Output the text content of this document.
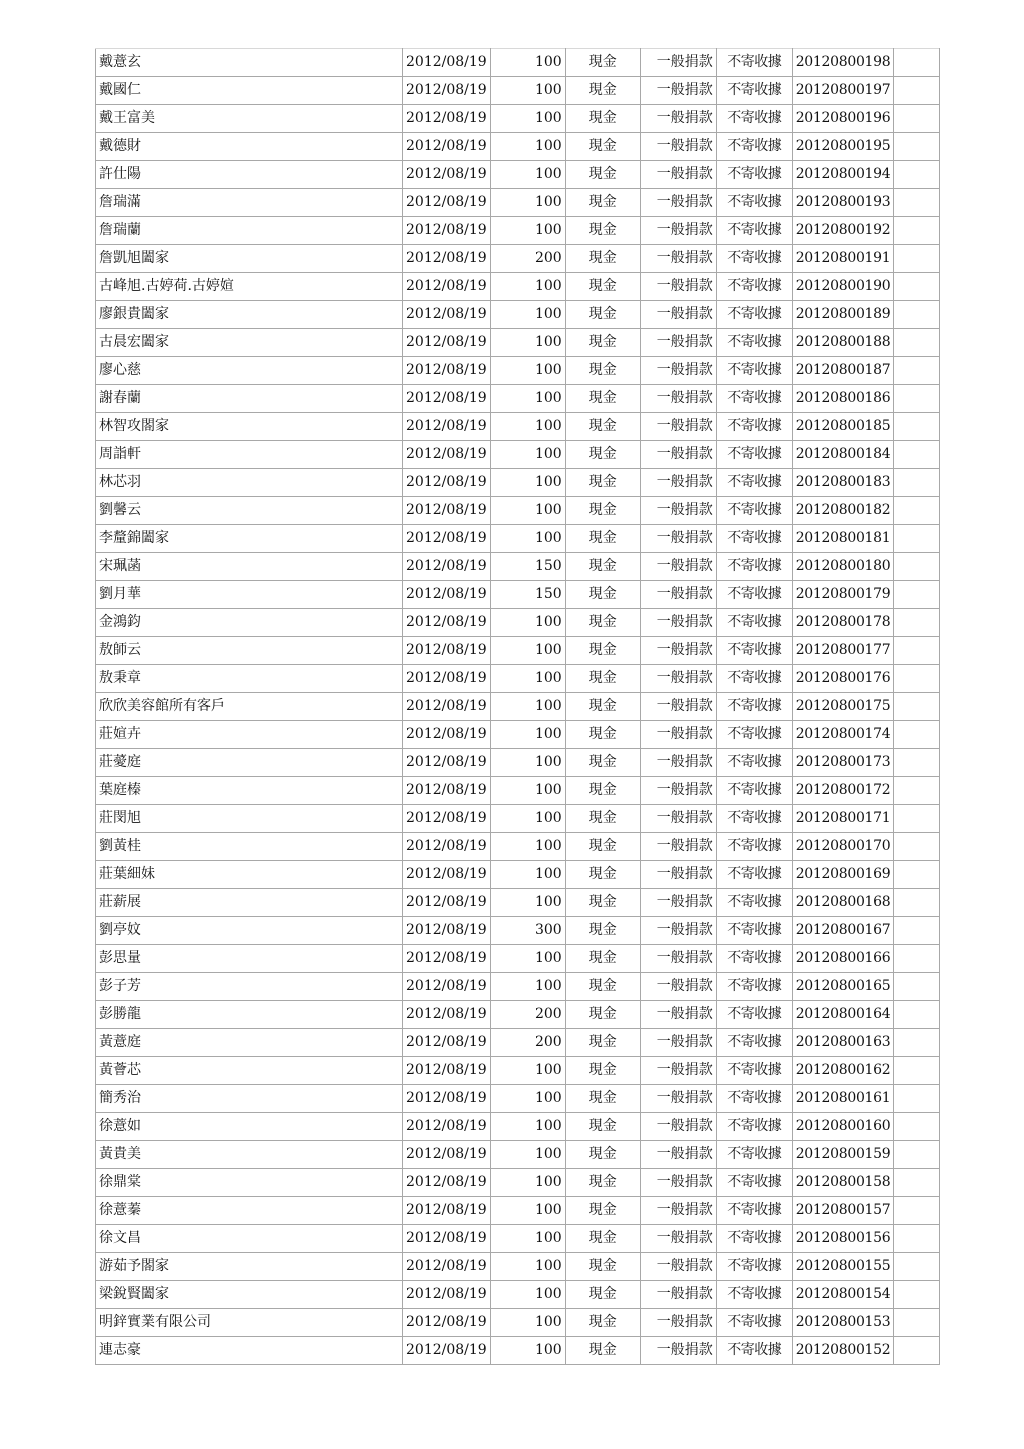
戴薏玄	2012/08/19	100	現金	一般捐款	不寄收據	20120800198	
戴國仁	2012/08/19	100	現金	一般捐款	不寄收據	20120800197	
戴王富美	2012/08/19	100	現金	一般捐款	不寄收據	20120800196	
戴德財	2012/08/19	100	現金	一般捐款	不寄收據	20120800195	
許仕陽	2012/08/19	100	現金	一般捐款	不寄收據	20120800194	
詹瑞滿	2012/08/19	100	現金	一般捐款	不寄收據	20120800193	
詹瑞蘭	2012/08/19	100	現金	一般捐款	不寄收據	20120800192	
詹凱旭闔家	2012/08/19	200	現金	一般捐款	不寄收據	20120800191	
古峰旭.古婷荷.古婷媗	2012/08/19	100	現金	一般捐款	不寄收據	20120800190	
廖銀貴闔家	2012/08/19	100	現金	一般捐款	不寄收據	20120800189	
古晨宏闔家	2012/08/19	100	現金	一般捐款	不寄收據	20120800188	
廖心慈	2012/08/19	100	現金	一般捐款	不寄收據	20120800187	
謝春蘭	2012/08/19	100	現金	一般捐款	不寄收據	20120800186	
林智攻閤家	2012/08/19	100	現金	一般捐款	不寄收據	20120800185	
周詣軒	2012/08/19	100	現金	一般捐款	不寄收據	20120800184	
林芯羽	2012/08/19	100	現金	一般捐款	不寄收據	20120800183	
劉馨云	2012/08/19	100	現金	一般捐款	不寄收據	20120800182	
李釐錦闔家	2012/08/19	100	現金	一般捐款	不寄收據	20120800181	
宋珮菡	2012/08/19	150	現金	一般捐款	不寄收據	20120800180	
劉月華	2012/08/19	150	現金	一般捐款	不寄收據	20120800179	
金鴻鈞	2012/08/19	100	現金	一般捐款	不寄收據	20120800178	
敖師云	2012/08/19	100	現金	一般捐款	不寄收據	20120800177	
敖秉章	2012/08/19	100	現金	一般捐款	不寄收據	20120800176	
欣欣美容館所有客戶	2012/08/19	100	現金	一般捐款	不寄收據	20120800175	
莊媗卉	2012/08/19	100	現金	一般捐款	不寄收據	20120800174	
莊薆庭	2012/08/19	100	現金	一般捐款	不寄收據	20120800173	
葉庭榛	2012/08/19	100	現金	一般捐款	不寄收據	20120800172	
莊閔旭	2012/08/19	100	現金	一般捐款	不寄收據	20120800171	
劉黃桂	2012/08/19	100	現金	一般捐款	不寄收據	20120800170	
莊葉細妹	2012/08/19	100	現金	一般捐款	不寄收據	20120800169	
莊薪展	2012/08/19	100	現金	一般捐款	不寄收據	20120800168	
劉亭妏	2012/08/19	300	現金	一般捐款	不寄收據	20120800167	
彭思量	2012/08/19	100	現金	一般捐款	不寄收據	20120800166	
彭子芳	2012/08/19	100	現金	一般捐款	不寄收據	20120800165	
彭勝龍	2012/08/19	200	現金	一般捐款	不寄收據	20120800164	
黃薏庭	2012/08/19	200	現金	一般捐款	不寄收據	20120800163	
黃薈芯	2012/08/19	100	現金	一般捐款	不寄收據	20120800162	
簡秀治	2012/08/19	100	現金	一般捐款	不寄收據	20120800161	
徐薏如	2012/08/19	100	現金	一般捐款	不寄收據	20120800160	
黃貴美	2012/08/19	100	現金	一般捐款	不寄收據	20120800159	
徐鼎棠	2012/08/19	100	現金	一般捐款	不寄收據	20120800158	
徐薏蓁	2012/08/19	100	現金	一般捐款	不寄收據	20120800157	
徐文昌	2012/08/19	100	現金	一般捐款	不寄收據	20120800156	
游茹予閤家	2012/08/19	100	現金	一般捐款	不寄收據	20120800155	
梁銳賢闔家	2012/08/19	100	現金	一般捐款	不寄收據	20120800154	
明鋅實業有限公司	2012/08/19	100	現金	一般捐款	不寄收據	20120800153	
連志豪	2012/08/19	100	現金	一般捐款	不寄收據	20120800152	
